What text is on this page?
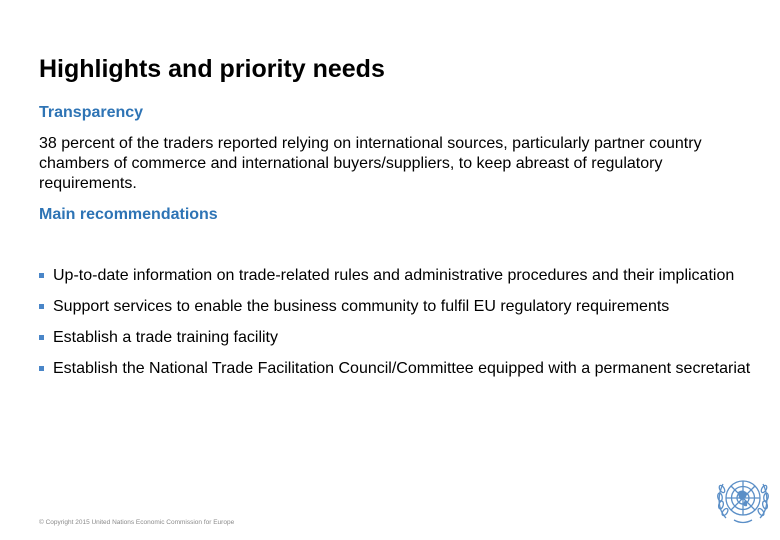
Highlights and priority needs
Transparency

38 percent of the traders reported relying on international sources, particularly partner country chambers of commerce and international buyers/suppliers, to keep abreast of regulatory requirements.

Main recommendations
Up-to-date information on trade-related rules and administrative procedures and their implication
Support services to enable the business community to fulfil EU regulatory requirements
Establish a trade training facility
Establish the National Trade Facilitation Council/Committee equipped with a permanent secretariat
© Copyright 2015 United Nations Economic Commission for Europe
